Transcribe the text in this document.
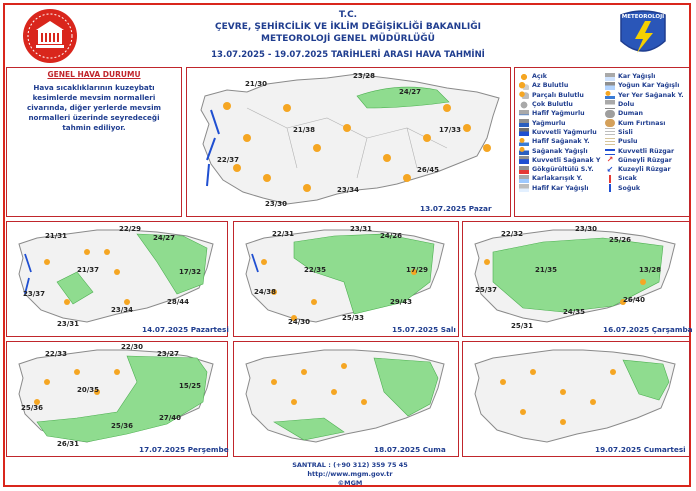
METEOROLOJİ
T.C.
ÇEVRE, ŞEHİRCİLİK VE İKLİM DEĞİŞİKLİĞİ BAKANLIĞI
METEOROLOJİ GENEL MÜDÜRLÜĞÜ
13.07.2025 - 19.07.2025 TARİHLERİ ARASI HAVA TAHMİNİ
GENEL HAVA DURUMU
Hava sıcaklıklarının kuzeybatı kesimlerde mevsim normalleri civarında, diğer yerlerde mevsim normalleri üzerinde seyredeceği tahmin ediliyor.
13.07.2025 Pazar
21/30
23/28
24/27
21/38	17/33
22/37
26/45
23/34
23/30
Açık
Az Bulutlu
Parçalı Bulutlu
Çok Bulutlu
Hafif Yağmurlu
Yağmurlu
Kuvvetli Yağmurlu
Hafif Sağanak Y.
Sağanak Yağışlı
Kuvvetli Sağanak Y
Gökgürültülü S.Y.
Karlakarışık Y.
Hafif Kar Yağışlı
Kar Yağışlı
Yoğun Kar Yağışlı
Yer Yer Sağanak Y.
Dolu
Duman
Kum Fırtınası
Sisli
Puslu
Kuvvetli Rüzgar
↗ Güneyli Rüzgar
↙ Kuzeyli Rüzgar
Sıcak
Soğuk
14.07.2025 Pazartesi
21/31
22/29
24/27
21/37	17/32
23/37
28/44
23/34
23/31
15.07.2025 Salı
22/31
23/31
24/26
22/35	17/29
24/38
29/43
24/30	25/33
16.07.2025 Çarşamba
22/32
23/30
25/26
21/35	13/28
25/37
26/40
24/35
25/31
17.07.2025 Perşembe
22/33
22/30
23/27
20/35	15/25
25/36
27/40
25/36
26/31
18.07.2025 Cuma	19.07.2025 Cumartesi
SANTRAL : (+90 312) 359 75 45
http://www.mgm.gov.tr
©MGM
